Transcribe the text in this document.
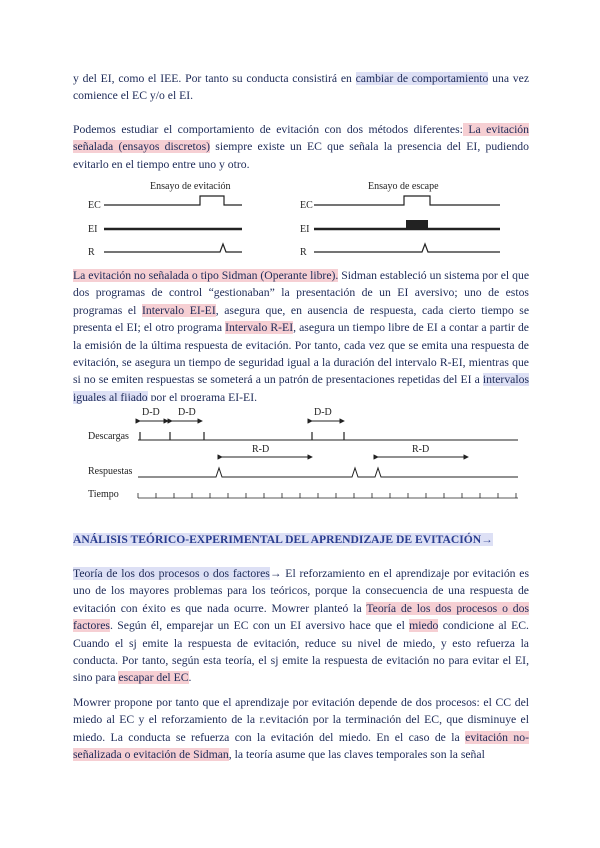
y del EI, como el IEE. Por tanto su conducta consistirá en cambiar de comportamiento una vez comience el EC y/o el EI.

Podemos estudiar el comportamiento de evitación con dos métodos diferentes: La evitación señalada (ensayos discretos) siempre existe un EC que señala la presencia del EI, pudiendo evitarlo en el tiempo entre uno y otro.

Ensayo de evitación	Ensayo de escape
EC
EI
R
EC
EI
R

La evitación no señalada o tipo Sidman (Operante libre). Sidman estableció un sistema por el que dos programas de control “gestionaban” la presentación de un EI aversivo; uno de estos programas el Intervalo EI-EI, asegura que, en ausencia de respuesta, cada cierto tiempo se presenta el EI; el otro programa Intervalo R-EI, asegura un tiempo libre de EI a contar a partir de la emisión de la última respuesta de evitación. Por tanto, cada vez que se emita una respuesta de evitación, se asegura un tiempo de seguridad igual a la duración del intervalo R-EI, mientras que si no se emiten respuestas se someterá a un patrón de presentaciones repetidas del EI a intervalos iguales al fijado por el programa EI-EI.

D-D D-D	D-D
Descargas
R-D	R-D
Respuestas
Tiempo
ANÁLISIS TEÓRICO-EXPERIMENTAL DEL APRENDIZAJE DE EVITACIÓN→

Teoría de los dos procesos o dos factores→ El reforzamiento en el aprendizaje por evitación es uno de los mayores problemas para los teóricos, porque la consecuencia de una respuesta de evitación con éxito es que nada ocurre. Mowrer planteó la Teoría de los dos procesos o dos factores. Según él, emparejar un EC con un EI aversivo hace que el miedo condicione al EC. Cuando el sj emite la respuesta de evitación, reduce su nivel de miedo, y esto refuerza la conducta. Por tanto, según esta teoría, el sj emite la respuesta de evitación no para evitar el EI, sino para escapar del EC.

Mowrer propone por tanto que el aprendizaje por evitación depende de dos procesos: el CC del miedo al EC y el reforzamiento de la r.evitación por la terminación del EC, que disminuye el miedo. La conducta se refuerza con la evitación del miedo. En el caso de la evitación no-señalizada o evitación de Sidman, la teoría asume que las claves temporales son la señal
